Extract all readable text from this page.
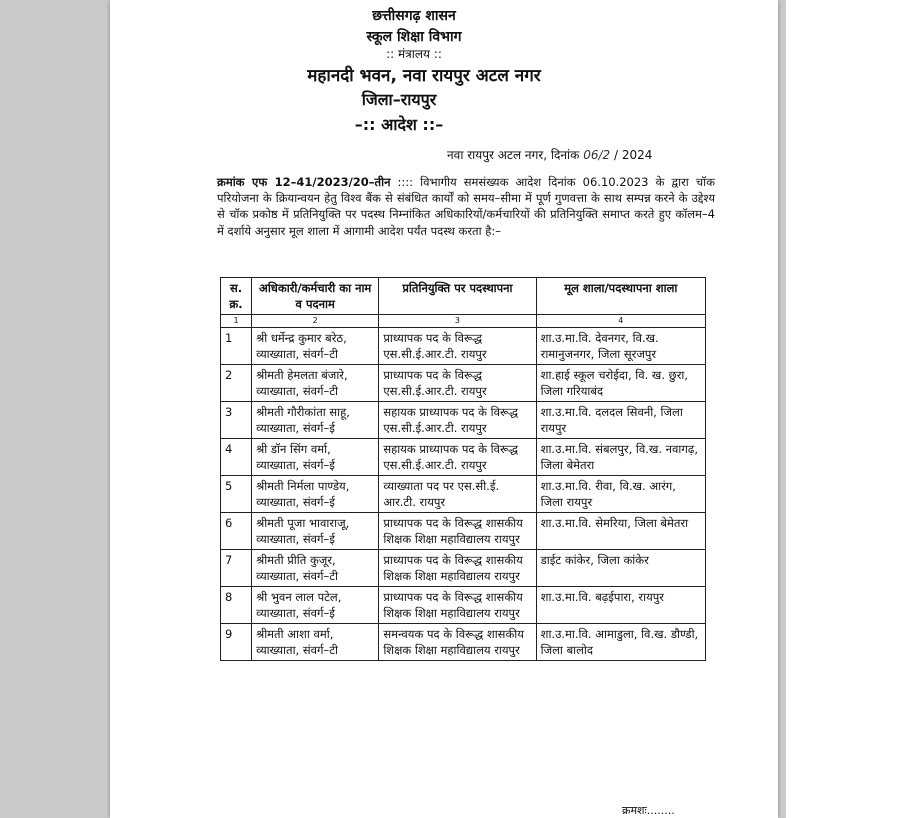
छत्तीसगढ़ शासन
स्कूल शिक्षा विभाग
:: मंत्रालय ::
महानदी भवन, नवा रायपुर अटल नगर
जिला–रायपुर
–:: आदेश ::–
नवा रायपुर अटल नगर, दिनांक 06/2 / 2024
क्रमांक एफ 12–41/2023/20–तीन :::: विभागीय समसंख्यक आदेश दिनांक 06.10.2023 के द्वारा चॉक परियोजना के क्रियान्वयन हेतु विश्व बैंक से संबंधित कार्यों को समय–सीमा में पूर्ण गुणवत्ता के साथ सम्पन्न करने के उद्देश्य से चॉक प्रकोष्ठ में प्रतिनियुक्ति पर पदस्थ निम्नांकित अधिकारियों/कर्मचारियों की प्रतिनियुक्ति समाप्त करते हुए कॉलम–4 में दर्शाये अनुसार मूल शाला में आगामी आदेश पर्यंत पदस्थ करता है:–
स. क्र.	अधिकारी/कर्मचारी का नाम व पदनाम	प्रतिनियुक्ति पर पदस्थापना	मूल शाला/पदस्थापना शाला
1	2	3	4
1	श्री धर्मेन्द्र कुमार बरेठ, व्याख्याता, संवर्ग–टी	प्राध्यापक पद के विरूद्ध एस.सी.ई.आर.टी. रायपुर	शा.उ.मा.वि. देवनगर, वि.ख. रामानुजनगर, जिला सूरजपुर
2	श्रीमती हेमलता बंजारे, व्याख्याता, संवर्ग–टी	प्राध्यापक पद के विरूद्ध एस.सी.ई.आर.टी. रायपुर	शा.हाई स्कूल चरोईदा, वि. ख. छुरा, जिला गरियाबंद
3	श्रीमती गौरीकांता साहू, व्याख्याता, संवर्ग–ई	सहायक प्राध्यापक पद के विरूद्ध एस.सी.ई.आर.टी. रायपुर	शा.उ.मा.वि. दलदल सिवनी, जिला रायपुर
4	श्री डॉन सिंग वर्मा, व्याख्याता, संवर्ग–ई	सहायक प्राध्यापक पद के विरूद्ध एस.सी.ई.आर.टी. रायपुर	शा.उ.मा.वि. संबलपुर, वि.ख. नवागढ़, जिला बेमेतरा
5	श्रीमती निर्मला पाण्डेय, व्याख्याता, संवर्ग–ई	व्याख्याता पद पर एस.सी.ई. आर.टी. रायपुर	शा.उ.मा.वि. रीवा, वि.ख. आरंग, जिला रायपुर
6	श्रीमती पूजा भावाराजू, व्याख्याता, संवर्ग–ई	प्राध्यापक पद के विरूद्ध शासकीय शिक्षक शिक्षा महाविद्यालय रायपुर	शा.उ.मा.वि. सेमरिया, जिला बेमेतरा
7	श्रीमती प्रीति कुजूर, व्याख्याता, संवर्ग–टी	प्राध्यापक पद के विरूद्ध शासकीय शिक्षक शिक्षा महाविद्यालय रायपुर	डाईट कांकेर, जिला कांकेर
8	श्री भुवन लाल पटेल, व्याख्याता, संवर्ग–ई	प्राध्यापक पद के विरूद्ध शासकीय शिक्षक शिक्षा महाविद्यालय रायपुर	शा.उ.मा.वि. बढ़ईपारा, रायपुर
9	श्रीमती आशा वर्मा, व्याख्याता, संवर्ग–टी	समन्वयक पद के विरूद्ध शासकीय शिक्षक शिक्षा महाविद्यालय रायपुर	शा.उ.मा.वि. आमाडुला, वि.ख. डौण्डी, जिला बालोद
क्रमशः........
